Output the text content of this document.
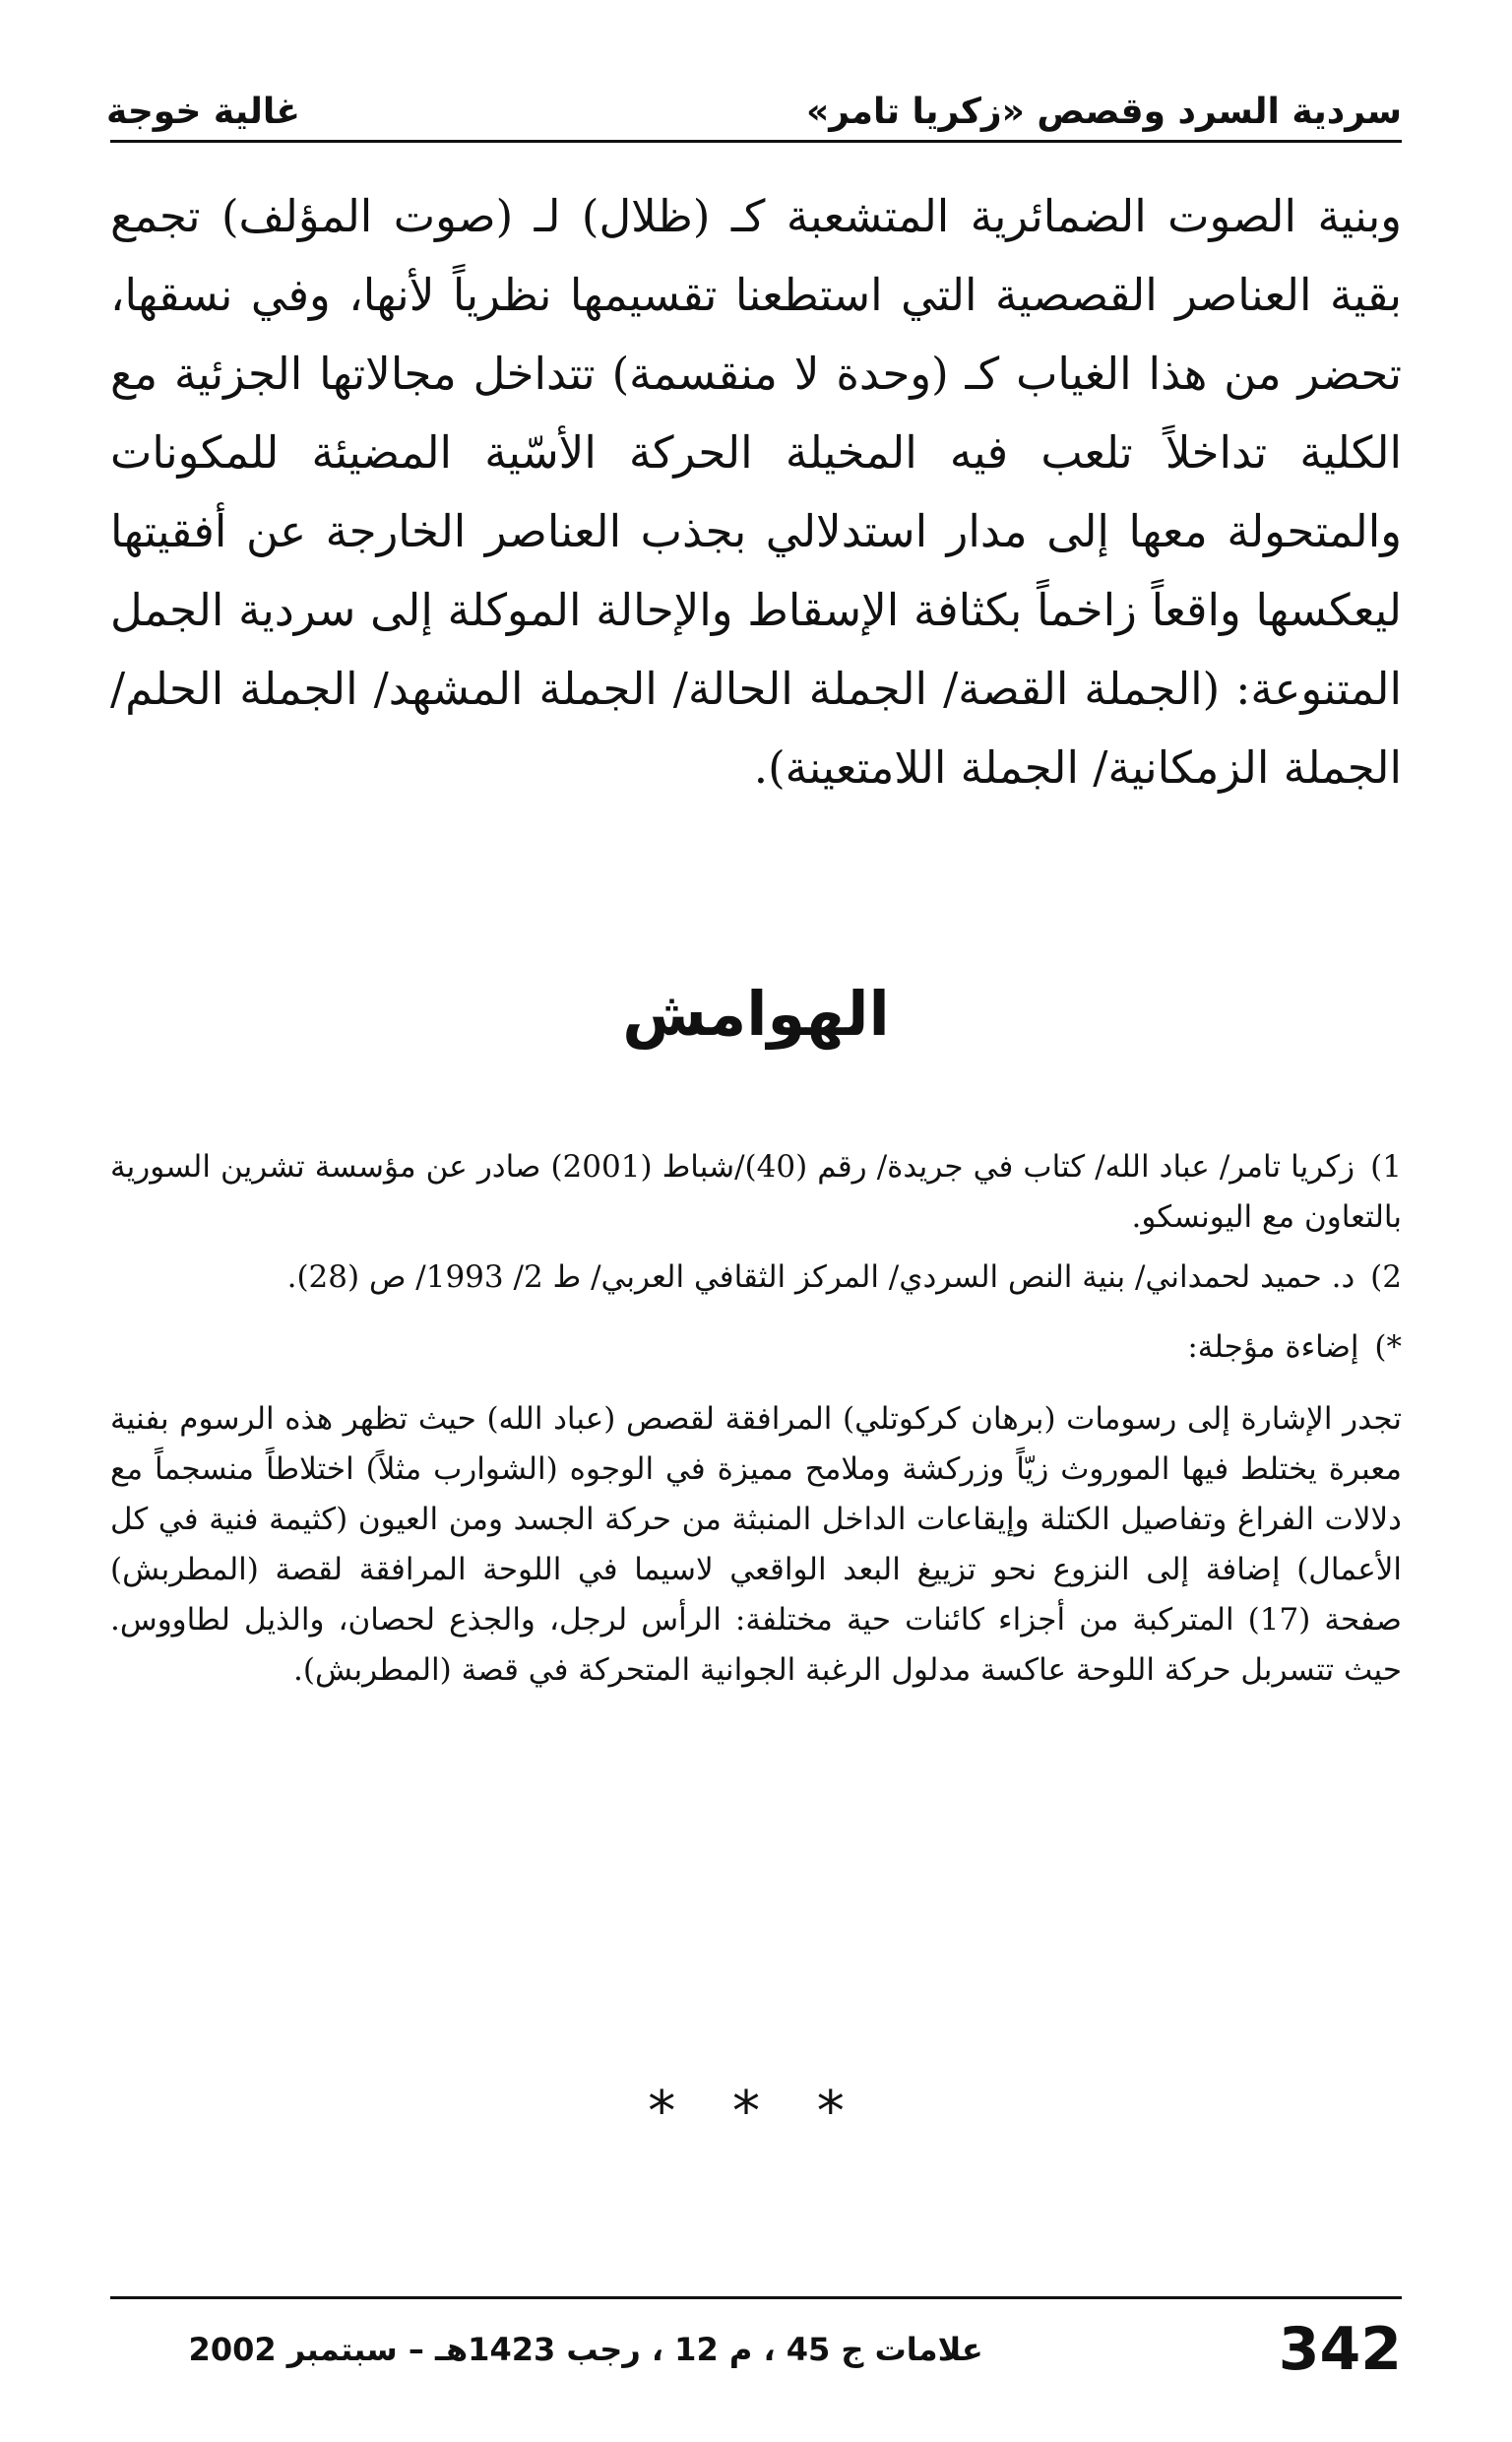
سردية السرد وقصص «زكريا تامر»
غالية خوجة

وبنية الصوت الضمائرية المتشعبة كـ (ظلال) لـ (صوت المؤلف) تجمع بقية العناصر القصصية التي استطعنا تقسيمها نظرياً لأنها، وفي نسقها، تحضر من هذا الغياب كـ (وحدة لا منقسمة) تتداخل مجالاتها الجزئية مع الكلية تداخلاً تلعب فيه المخيلة الحركة الأسّية المضيئة للمكونات والمتحولة معها إلى مدار استدلالي بجذب العناصر الخارجة عن أفقيتها ليعكسها واقعاً زاخماً بكثافة الإسقاط والإحالة الموكلة إلى سردية الجمل المتنوعة: (الجملة القصة/ الجملة الحالة/ الجملة المشهد/ الجملة الحلم/ الجملة الزمكانية/ الجملة اللامتعينة).

الهوامش

1) زكريا تامر/ عباد الله/ كتاب في جريدة/ رقم (40)/شباط (2001) صادر عن مؤسسة تشرين السورية بالتعاون مع اليونسكو.

2) د. حميد لحمداني/ بنية النص السردي/ المركز الثقافي العربي/ ط 2/ 1993/ ص (28).

*) إضاءة مؤجلة:

تجدر الإشارة إلى رسومات (برهان كركوتلي) المرافقة لقصص (عباد الله) حيث تظهر هذه الرسوم بفنية معبرة يختلط فيها الموروث زيّاً وزركشة وملامح مميزة في الوجوه (الشوارب مثلاً) اختلاطاً منسجماً مع دلالات الفراغ وتفاصيل الكتلة وإيقاعات الداخل المنبثة من حركة الجسد ومن العيون (كثيمة فنية في كل الأعمال) إضافة إلى النزوع نحو تزييغ البعد الواقعي لاسيما في اللوحة المرافقة لقصة (المطربش) صفحة (17) المتركبة من أجزاء كائنات حية مختلفة: الرأس لرجل، والجذع لحصان، والذيل لطاووس. حيث تتسربل حركة اللوحة عاكسة مدلول الرغبة الجوانية المتحركة في قصة (المطربش).

* * *
علامات ج 45 ، م 12 ، رجب 1423هـ – سبتمبر 2002	342
